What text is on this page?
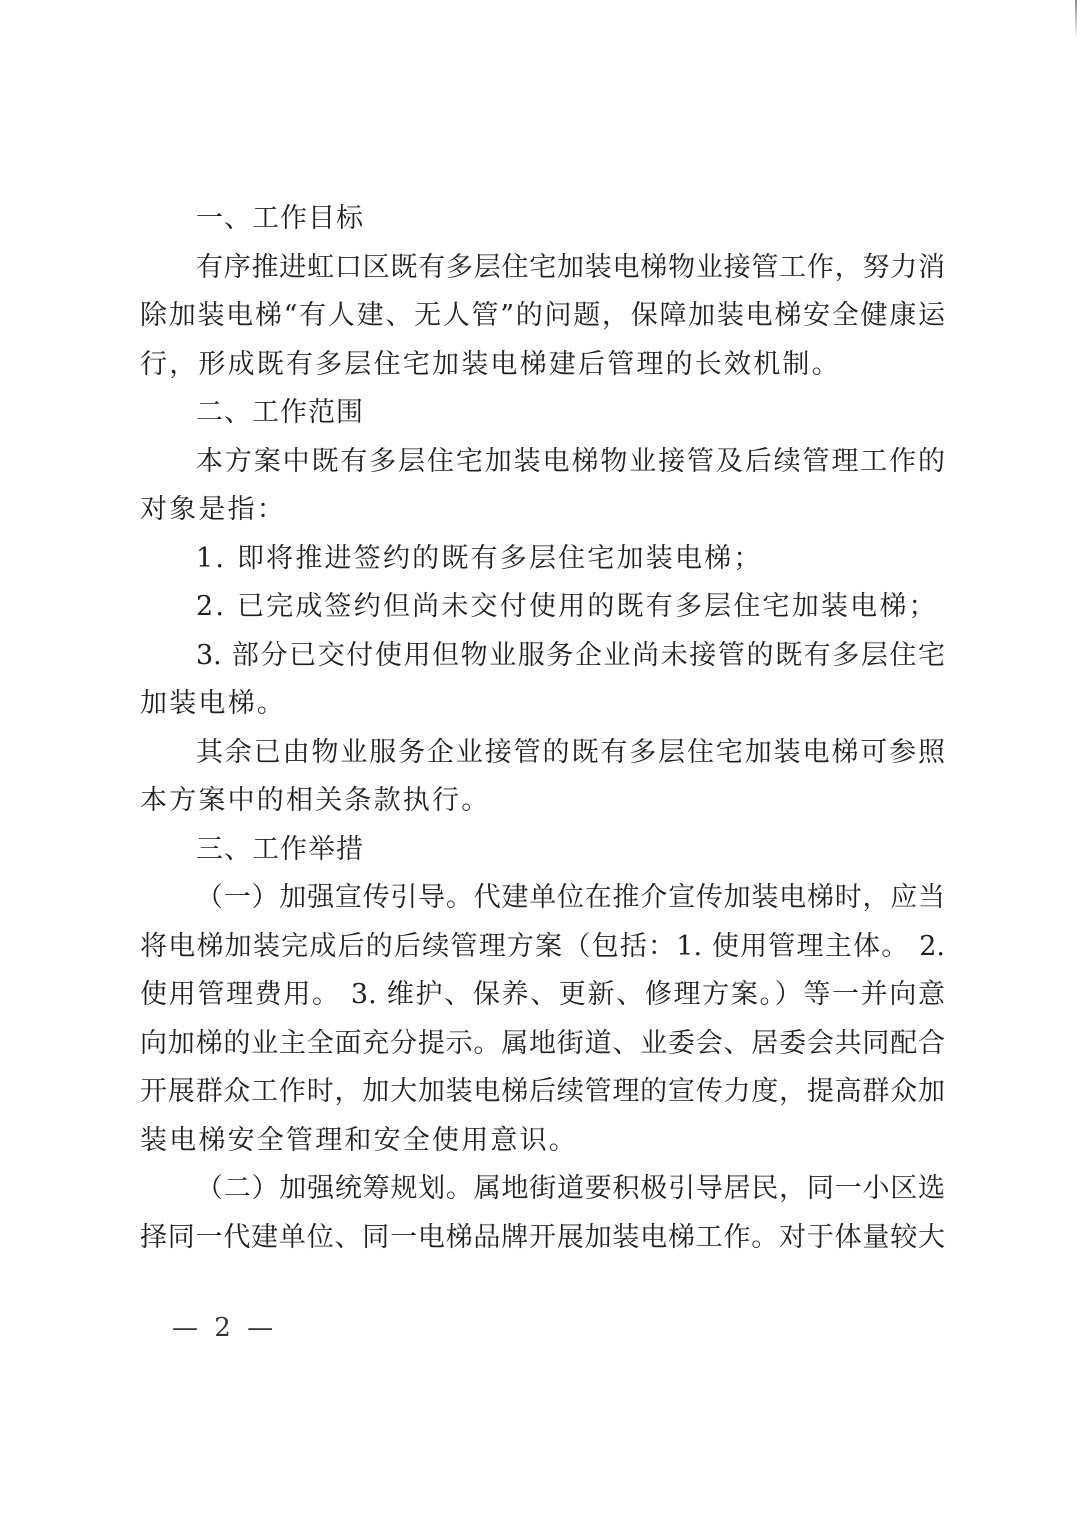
一、工作目标
有序推进虹口区既有多层住宅加装电梯物业接管工作，努力消
除加装电梯“有人建、无人管”的问题，保障加装电梯安全健康运
行，形成既有多层住宅加装电梯建后管理的长效机制。
二、工作范围
本方案中既有多层住宅加装电梯物业接管及后续管理工作的
对象是指：
1. 即将推进签约的既有多层住宅加装电梯；
2. 已完成签约但尚未交付使用的既有多层住宅加装电梯；
3. 部分已交付使用但物业服务企业尚未接管的既有多层住宅
加装电梯。
其余已由物业服务企业接管的既有多层住宅加装电梯可参照
本方案中的相关条款执行。
三、工作举措
（一）加强宣传引导。代建单位在推介宣传加装电梯时，应当
将电梯加装完成后的后续管理方案（包括：1. 使用管理主体。 2.
使用管理费用。 3. 维护、保养、更新、修理方案。）等一并向意
向加梯的业主全面充分提示。属地街道、业委会、居委会共同配合
开展群众工作时，加大加装电梯后续管理的宣传力度，提高群众加
装电梯安全管理和安全使用意识。
（二）加强统筹规划。属地街道要积极引导居民，同一小区选
择同一代建单位、同一电梯品牌开展加装电梯工作。对于体量较大
— 2 —
